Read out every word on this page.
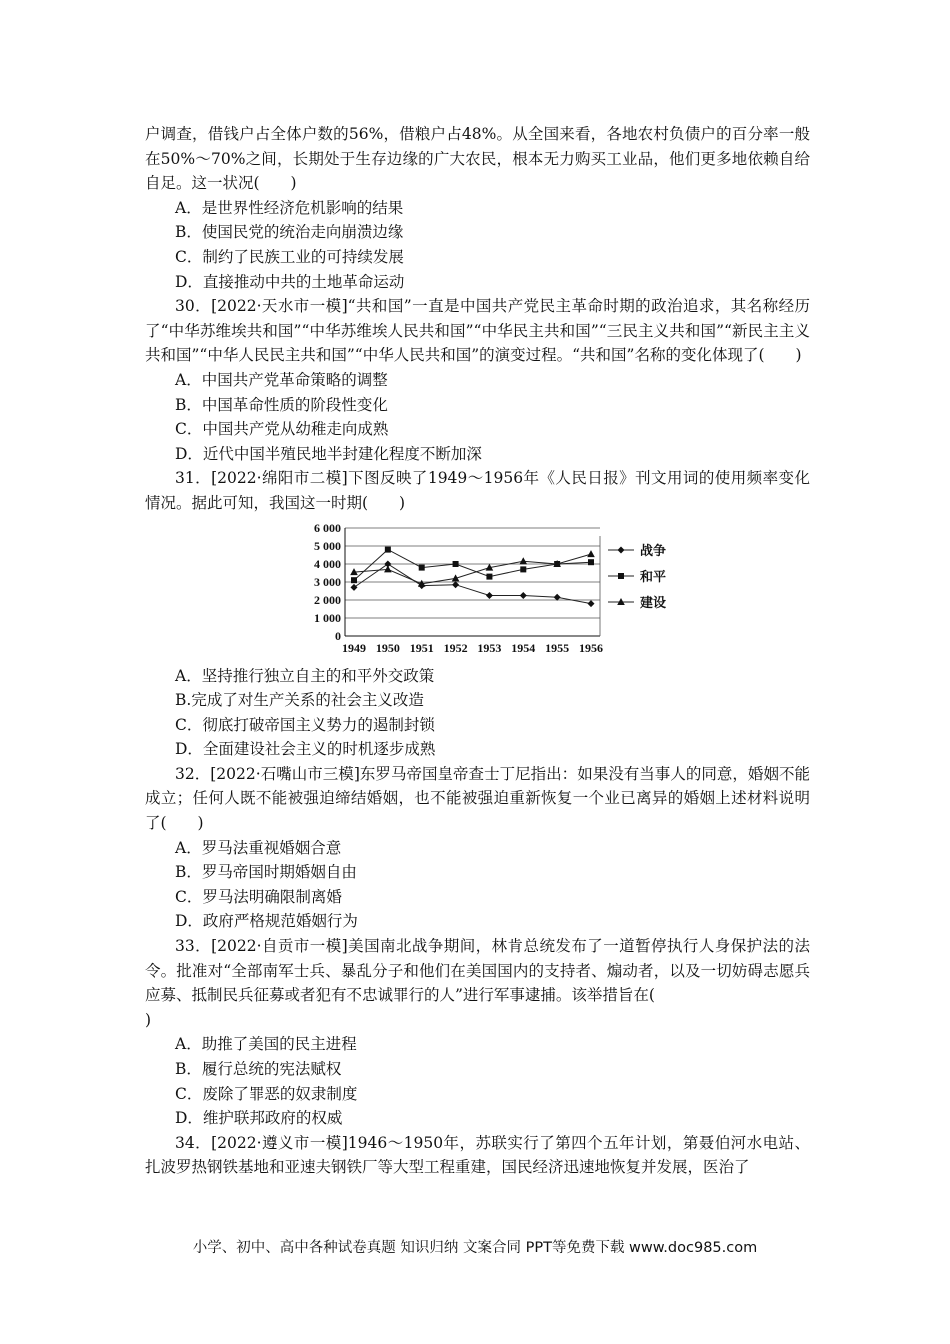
户调查，借钱户占全体户数的56%，借粮户占48%。从全国来看，各地农村负债户的百分率一般在50%～70%之间，长期处于生存边缘的广大农民，根本无力购买工业品，他们更多地依赖自给自足。这一状况(　　)

A．是世界性经济危机影响的结果

B．使国民党的统治走向崩溃边缘

C．制约了民族工业的可持续发展

D．直接推动中共的土地革命运动

30．[2022·天水市一模]“共和国”一直是中国共产党民主革命时期的政治追求，其名称经历了“中华苏维埃共和国”“中华苏维埃人民共和国”“中华民主共和国”“三民主义共和国”“新民主主义共和国”“中华人民民主共和国”“中华人民共和国”的演变过程。“共和国”名称的变化体现了(　　)

A．中国共产党革命策略的调整

B．中国革命性质的阶段性变化

C．中国共产党从幼稚走向成熟

D．近代中国半殖民地半封建化程度不断加深

31．[2022·绵阳市二模]下图反映了1949～1956年《人民日报》刊文用词的使用频率变化情况。据此可知，我国这一时期(　　)

0
1 000
2 000
3 000
4 000
5 000
6 000
1949 1950 1951 1952 1953 1954 1955 1956
战争
和平
建设

A．坚持推行独立自主的和平外交政策

B.完成了对生产关系的社会主义改造

C．彻底打破帝国主义势力的遏制封锁

D．全面建设社会主义的时机逐步成熟

32．[2022·石嘴山市三模]东罗马帝国皇帝查士丁尼指出：如果没有当事人的同意，婚姻不能成立；任何人既不能被强迫缔结婚姻，也不能被强迫重新恢复一个业已离异的婚姻上述材料说明了(　　)

A．罗马法重视婚姻合意

B．罗马帝国时期婚姻自由

C．罗马法明确限制离婚

D．政府严格规范婚姻行为

33．[2022·自贡市一模]美国南北战争期间，林肯总统发布了一道暂停执行人身保护法的法令。批准对“全部南军士兵、暴乱分子和他们在美国国内的支持者、煽动者，以及一切妨碍志愿兵应募、抵制民兵征募或者犯有不忠诚罪行的人”进行军事逮捕。该举措旨在(

)

A．助推了美国的民主进程

B．履行总统的宪法赋权

C．废除了罪恶的奴隶制度

D．维护联邦政府的权威

34．[2022·遵义市一模]1946～1950年，苏联实行了第四个五年计划，第聂伯河水电站、扎波罗热钢铁基地和亚速夫钢铁厂等大型工程重建，国民经济迅速地恢复并发展，医治了

小学、初中、高中各种试卷真题 知识归纳 文案合同 PPT等免费下载 www.doc985.com
